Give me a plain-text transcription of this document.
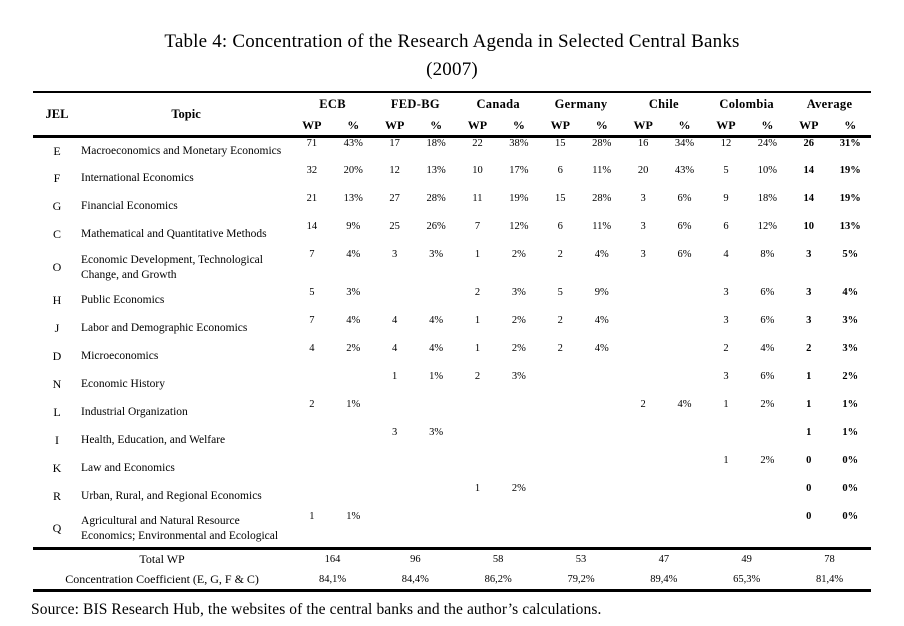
Table 4: Concentration of the Research Agenda in Selected Central Banks
(2007)
JEL	Topic	ECB		FED-BG		Canada		Germany		Chile		Colombia		Average	
		WP	%	WP	%	WP	%	WP	%	WP	%	WP	%	WP	%
E	Macroeconomics and Monetary Economics	71	43%	17	18%	22	38%	15	28%	16	34%	12	24%	26	31%
F	International Economics	32	20%	12	13%	10	17%	6	11%	20	43%	5	10%	14	19%
G	Financial Economics	21	13%	27	28%	11	19%	15	28%	3	6%	9	18%	14	19%
C	Mathematical and Quantitative Methods	14	9%	25	26%	7	12%	6	11%	3	6%	6	12%	10	13%
O	Economic Development, Technological Change, and Growth	7	4%	3	3%	1	2%	2	4%	3	6%	4	8%	3	5%
H	Public Economics	5	3%			2	3%	5	9%			3	6%	3	4%
J	Labor and Demographic Economics	7	4%	4	4%	1	2%	2	4%			3	6%	3	3%
D	Microeconomics	4	2%	4	4%	1	2%	2	4%			2	4%	2	3%
N	Economic History			1	1%	2	3%					3	6%	1	2%
L	Industrial Organization	2	1%							2	4%	1	2%	1	1%
I	Health, Education, and Welfare			3	3%									1	1%
K	Law and Economics											1	2%	0	0%
R	Urban, Rural, and Regional Economics					1	2%							0	0%
Q	Agricultural and Natural Resource Economics; Environmental and Ecological	1	1%											0	0%
Total WP		164		96		58		53		47		49		78	
Concentration Coefficient (E, G, F & C)		84,1%		84,4%		86,2%		79,2%		89,4%		65,3%		81,4%	
Source: BIS Research Hub, the websites of the central banks and the author’s calculations.
